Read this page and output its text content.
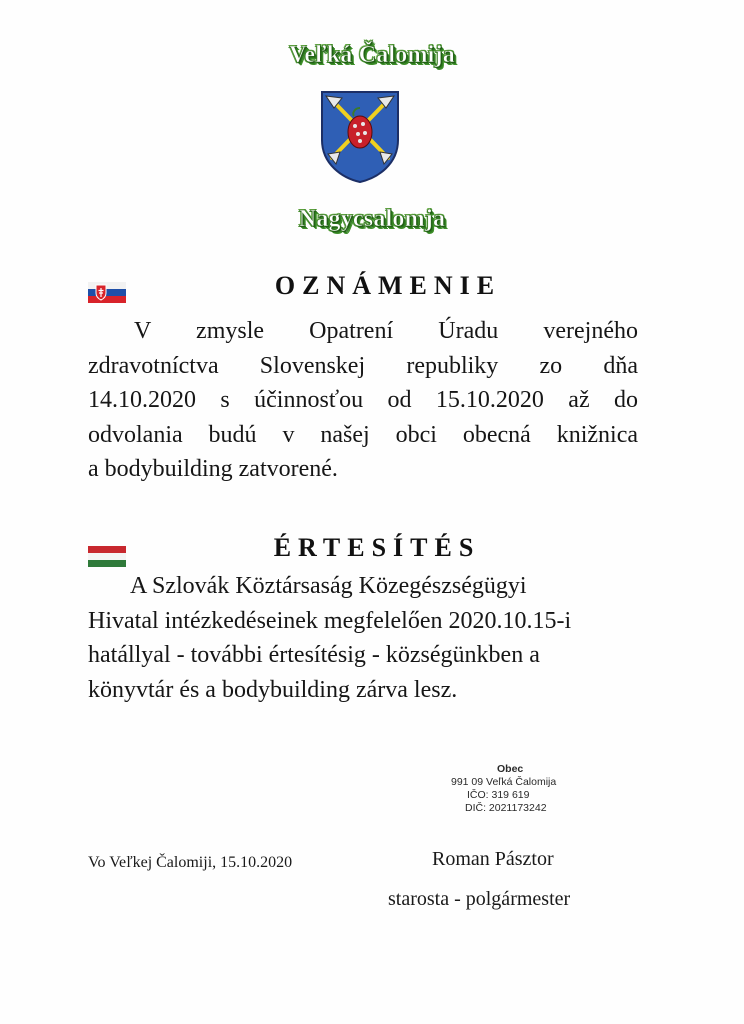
Veľká Čalomija
Nagycsalomja
OZNÁMENIE
V zmysle Opatrení Úradu verejného
zdravotníctva Slovenskej republiky zo dňa
14.10.2020 s účinnosťou od 15.10.2020 až do
odvolania budú v našej obci obecná knižnica
a bodybuilding zatvorené.
ÉRTESÍTÉS
A Szlovák Köztársaság Közegészségügyi
Hivatal intézkedéseinek megfelelően 2020.10.15-i
hatállyal - további értesítésig - községünkben a
könyvtár és a bodybuilding zárva lesz.
Obec
991 09 Veľká Čalomija
IČO: 319 619
DIČ: 2021173242
Vo Veľkej Čalomiji, 15.10.2020	Roman Pásztor
starosta - polgármester
